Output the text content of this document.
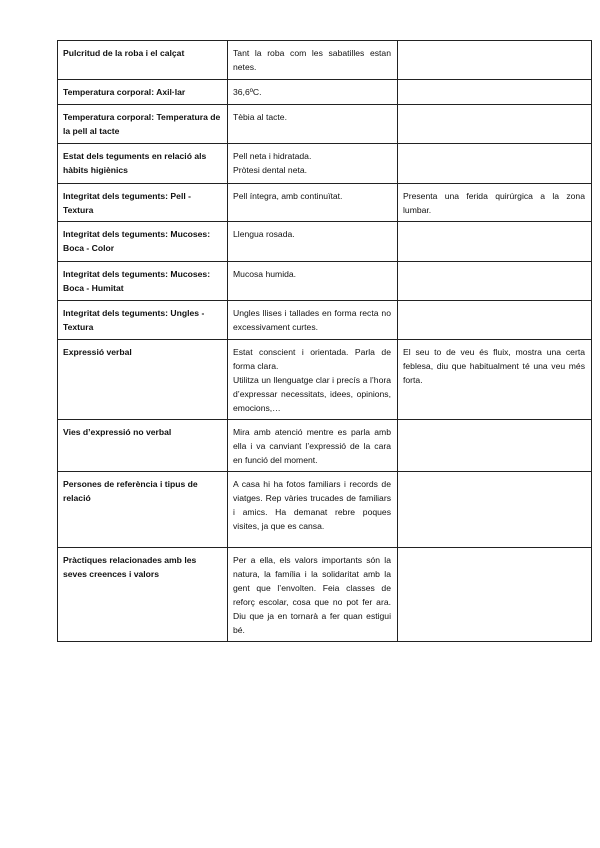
Pulcritud de la roba i el calçat	Tant la roba com les sabatilles estan netes.	

Temperatura corporal: Axil·lar	36,6ºC.	

Temperatura corporal: Temperatura de la pell al tacte	Tèbia al tacte.	

Estat dels teguments en relació als hàbits higiènics	Pell neta i hidratada.
Pròtesi dental neta.	

Integritat dels teguments: Pell - Textura	Pell íntegra, amb continuïtat.	Presenta una ferida quirúrgica a la zona lumbar.
Integritat dels teguments: Mucoses: Boca - Color	Llengua rosada.	

Integritat dels teguments: Mucoses: Boca - Humitat	Mucosa humida.	

Integritat dels teguments: Ungles - Textura	Ungles llises i tallades en forma recta no excessivament curtes.	

Expressió verbal	Estat conscient i orientada. Parla de forma clara.
Utilitza un llenguatge clar i precís a l’hora d’expressar necessitats, idees, opinions, emocions,…	El seu to de veu és fluix, mostra una certa feblesa, diu que habitualment té una veu més forta.
Vies d’expressió no verbal	Mira amb atenció mentre es parla amb ella i va canviant l’expressió de la cara en funció del moment.	

Persones de referència i tipus de relació	A casa hi ha fotos familiars i records de viatges. Rep vàries trucades de familiars i amics. Ha demanat rebre poques visites, ja que es cansa.	

Pràctiques relacionades amb les seves creences i valors	Per a ella, els valors importants són la natura, la família i la solidaritat amb la gent que l’envolten. Feia classes de reforç escolar, cosa que no pot fer ara. Diu que ja en tornarà a fer quan estigui bé.	
